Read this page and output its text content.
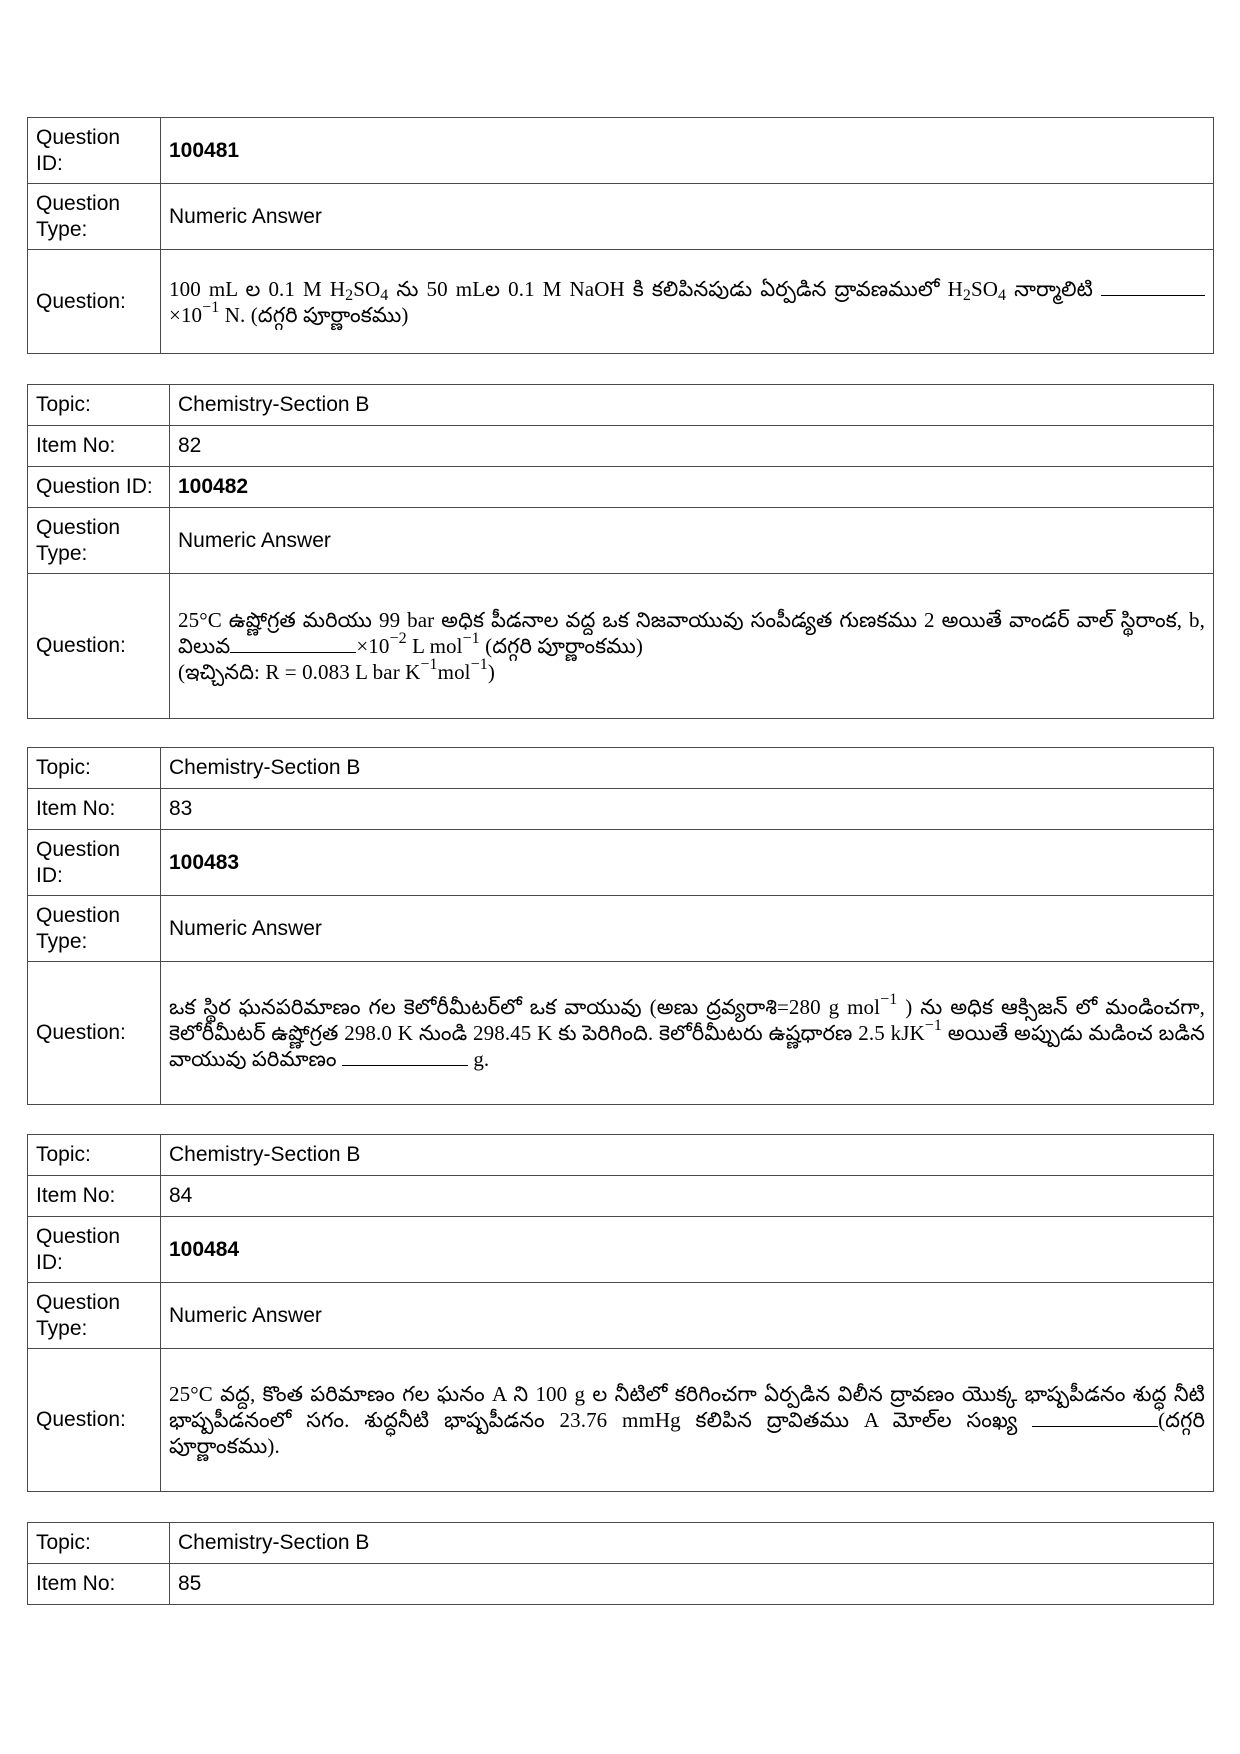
Question ID:	100481
Question Type:	Numeric Answer
Question:	100 mL ల 0.1 M $H_2SO_4$ ను 50 mLల 0.1 M NaOH కి కలిపినపుడు ఏర్పడిన ద్రావణములో $H_2SO_4$ నార్మాలిటి  $\times 10^{-1}$ N. (దగ్గరి పూర్ణాంకము)
Topic:	Chemistry-Section B
Item No:	82
Question ID:	100482
Question Type:	Numeric Answer
Question:	25°C ఉష్ణోగ్రత మరియు 99 bar అధిక పీడనాల వద్ద ఒక నిజవాయువు సంపీడ్యత గుణకము 2 అయితే వాండర్ వాల్ స్థిరాంక, b, విలువ $\times 10^{-2}$ L mol$^{-1}$ (దగ్గరి పూర్ణాంకము)
(ఇచ్చినది: R = 0.083 L bar $K^{-1}mol^{-1}$)
Topic:	Chemistry-Section B
Item No:	83
Question ID:	100483
Question Type:	Numeric Answer
Question:	ఒక స్థిర ఘనపరిమాణం గల కెలోరీమీటర్‌లో ఒక వాయువు (అణు ద్రవ్యరాశి=280 g mol$^{-1}$ ) ను అధిక ఆక్సిజన్ లో మండించగా, కెలోరీమీటర్ ఉష్ణోగ్రత 298.0 K నుండి 298.45 K కు పెరిగింది. కెలోరీమీటరు ఉష్ణధారణ 2.5 kJK$^{-1}$ అయితే అప్పుడు మడించ బడిన వాయువు పరిమాణం g.
Topic:	Chemistry-Section B
Item No:	84
Question ID:	100484
Question Type:	Numeric Answer
Question:	25°C వద్ద, కొంత పరిమాణం గల ఘనం A ని 100 g ల నీటిలో కరిగించగా ఏర్పడిన విలీన ద్రావణం యొక్క భాష్పపీడనం శుద్ధ నీటి భాష్పపీడనంలో సగం. శుద్ధనీటి భాష్పపీడనం 23.76 mmHg కలిపిన ద్రావితము A మోల్‌ల సంఖ్య (దగ్గరి పూర్ణాంకము).
Topic:	Chemistry-Section B
Item No:	85
